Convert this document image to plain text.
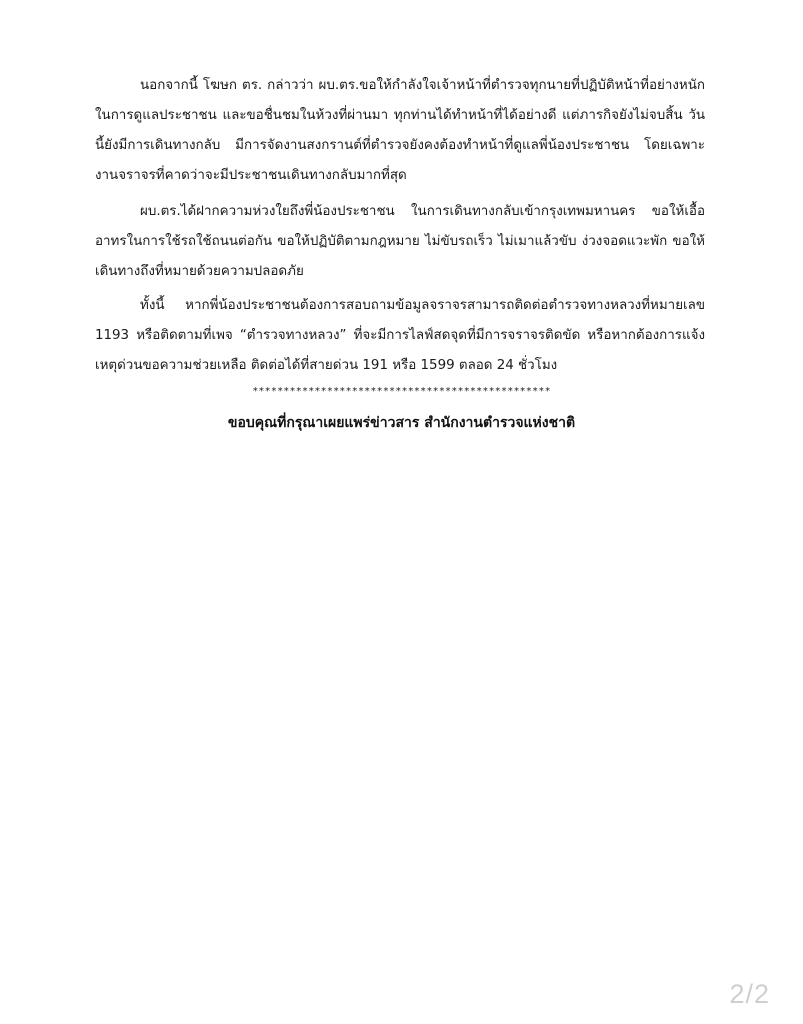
นอกจากนี้ โฆษก ตร. กล่าวว่า ผบ.ตร.ขอให้กำลังใจเจ้าหน้าที่ตำรวจทุกนายที่ปฏิบัติหน้าที่อย่างหนักในการดูแลประชาชน และขอชื่นชมในห้วงที่ผ่านมา ทุกท่านได้ทำหน้าที่ได้อย่างดี แต่ภารกิจยังไม่จบสิ้น วันนี้ยังมีการเดินทางกลับ มีการจัดงานสงกรานต์ที่ตำรวจยังคงต้องทำหน้าที่ดูแลพี่น้องประชาชน โดยเฉพาะงานจราจรที่คาดว่าจะมีประชาชนเดินทางกลับมากที่สุด

ผบ.ตร.ได้ฝากความห่วงใยถึงพี่น้องประชาชน ในการเดินทางกลับเข้ากรุงเทพมหานคร ขอให้เอื้ออาทรในการใช้รถใช้ถนนต่อกัน ขอให้ปฏิบัติตามกฎหมาย ไม่ขับรถเร็ว ไม่เมาแล้วขับ ง่วงจอดแวะพัก ขอให้เดินทางถึงที่หมายด้วยความปลอดภัย

ทั้งนี้ หากพี่น้องประชาชนต้องการสอบถามข้อมูลจราจรสามารถติดต่อตำรวจทางหลวงที่หมายเลข 1193 หรือติดตามที่เพจ “ตำรวจทางหลวง” ที่จะมีการไลฟ์สดจุดที่มีการจราจรติดขัด หรือหากต้องการแจ้งเหตุด่วนขอความช่วยเหลือ ติดต่อได้ที่สายด่วน 191 หรือ 1599 ตลอด 24 ชั่วโมง

************************************************
ขอบคุณที่กรุณาเผยแพร่ข่าวสาร สำนักงานตำรวจแห่งชาติ
2/2
